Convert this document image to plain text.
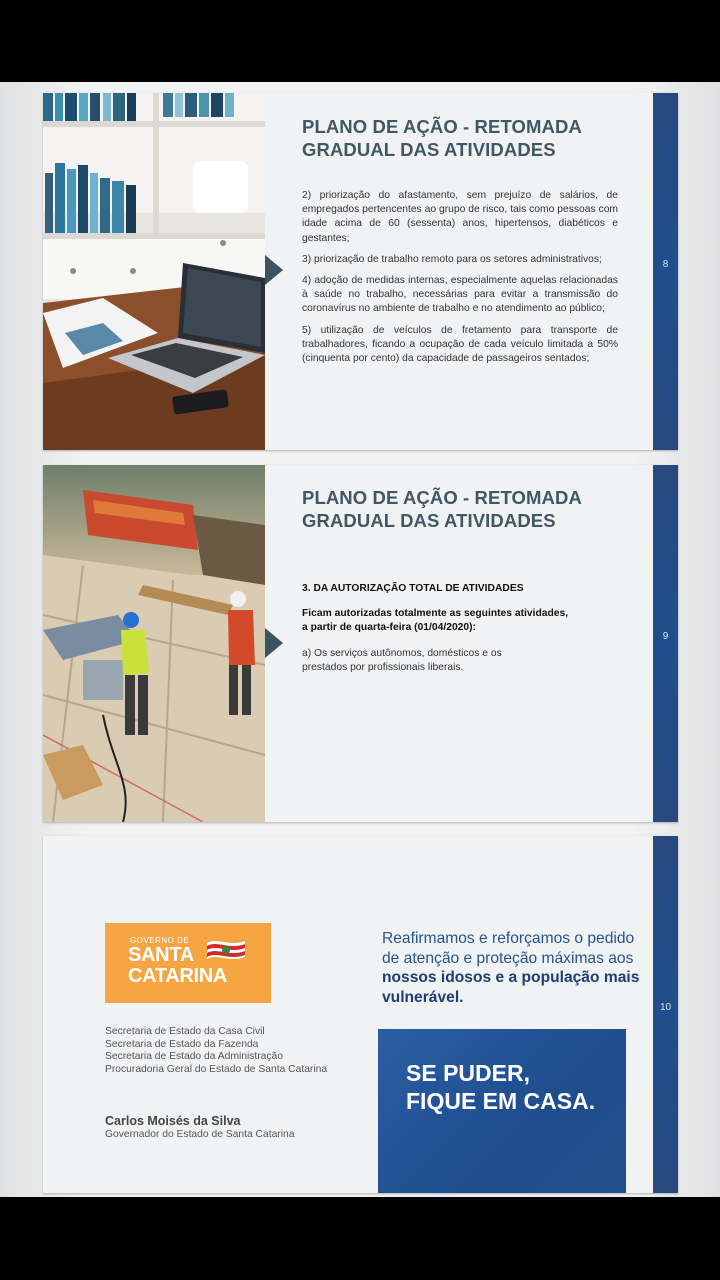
PLANO DE AÇÃO - RETOMADA GRADUAL DAS ATIVIDADES

2) priorização do afastamento, sem prejuízo de salários, de empregados pertencentes ao grupo de risco, tais como pessoas com idade acima de 60 (sessenta) anos, hipertensos, diabéticos e gestantes;

3) priorização de trabalho remoto para os setores administrativos;

4) adoção de medidas internas, especialmente aquelas relacionadas à saúde no trabalho, necessárias para evitar a transmissão do coronavírus no ambiente de trabalho e no atendimento ao público;

5) utilização de veículos de fretamento para transporte de trabalhadores, ficando a ocupação de cada veículo limitada a 50% (cinquenta por cento) da capacidade de passageiros sentados;

8
PLANO DE AÇÃO - RETOMADA GRADUAL DAS ATIVIDADES

3. DA AUTORIZAÇÃO TOTAL DE ATIVIDADES

Ficam autorizadas totalmente as seguintes atividades, a partir de quarta-feira (01/04/2020):

a) Os serviços autônomos, domésticos e os prestados por profissionais liberais.

9
GOVERNO DE
SANTA
CATARINA
Secretaria de Estado da Casa Civil
Secretaria de Estado da Fazenda
Secretaria de Estado da Administração
Procuradoria Geral do Estado de Santa Catarina
Carlos Moisés da Silva
Governador do Estado de Santa Catarina
Reafirmamos e reforçamos o pedido de atenção e proteção máximas aos nossos idosos e a população mais vulnerável.
SE PUDER, FIQUE EM CASA.
10
